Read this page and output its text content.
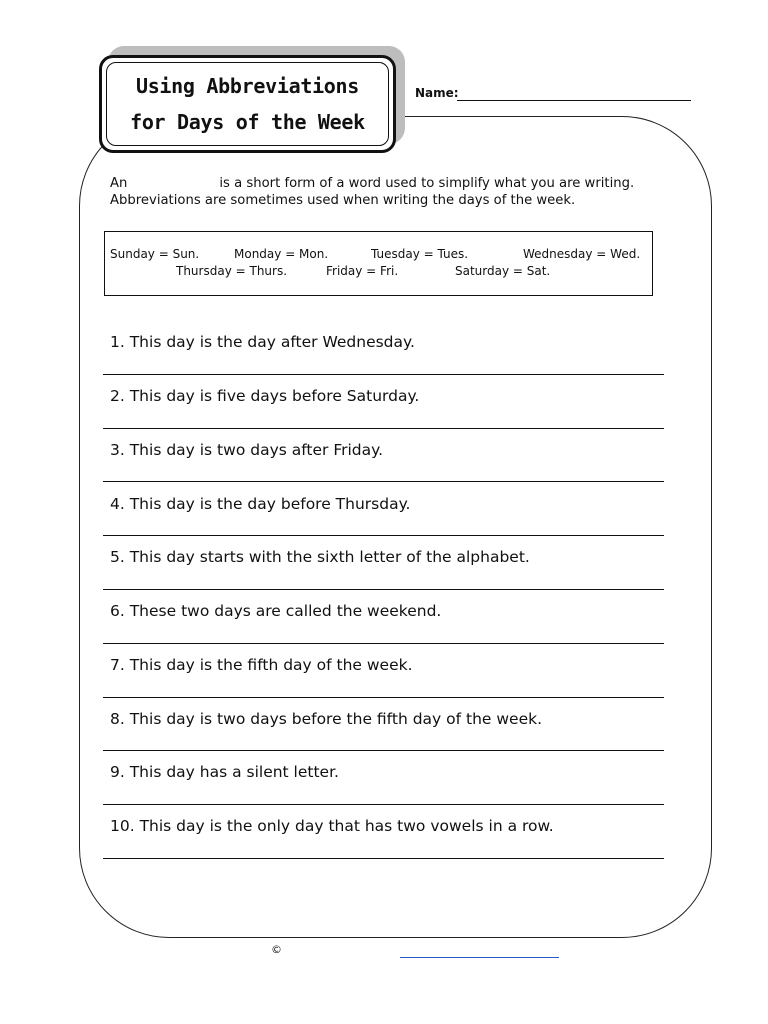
Using Abbreviations
for Days of the Week
Name:
An	is a short form of a word used to simplify what you are writing.
Abbreviations are sometimes used when writing the days of the week.
Sunday = Sun.	Monday = Mon.	Tuesday = Tues.	Wednesday = Wed.
Thursday = Thurs.	Friday = Fri.	Saturday = Sat.
1. This day is the day after Wednesday.
2. This day is five days before Saturday.
3. This day is two days after Friday.
4. This day is the day before Thursday.
5. This day starts with the sixth letter of the alphabet.
6. These two days are called the weekend.
7. This day is the fifth day of the week.
8. This day is two days before the fifth day of the week.
9. This day has a silent letter.
10. This day is the only day that has two vowels in a row.
©
